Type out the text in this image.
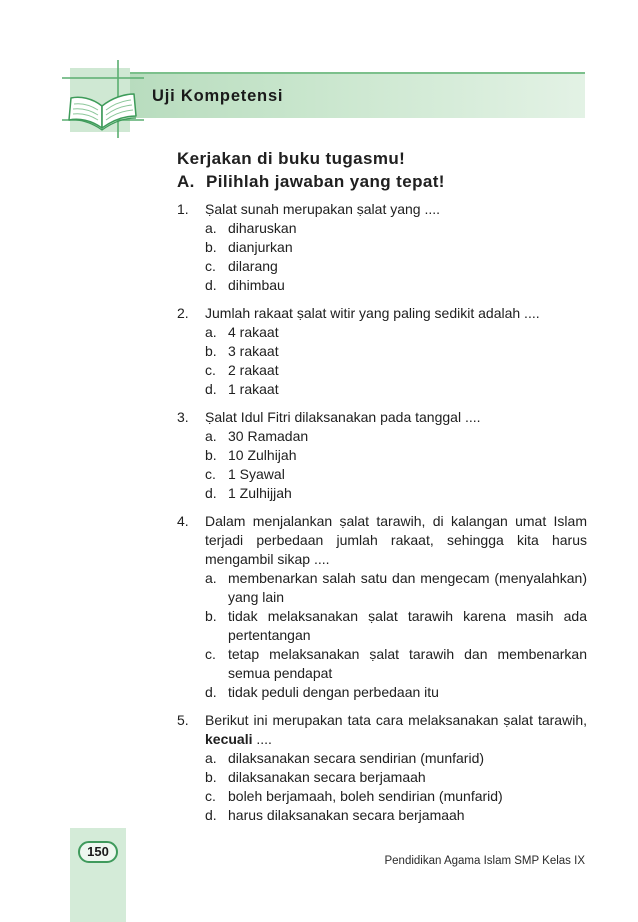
Uji Kompetensi
Kerjakan di buku tugasmu!
A. Pilihlah jawaban yang tepat!
1.	Ṣalat sunah merupakan ṣalat yang ....
a. diharuskan
b. dianjurkan
c. dilarang
d. dihimbau
2.	Jumlah rakaat ṣalat witir yang paling sedikit adalah ....
a. 4 rakaat
b. 3 rakaat
c. 2 rakaat
d. 1 rakaat
3.	Ṣalat Idul Fitri dilaksanakan pada tanggal ....
a. 30 Ramadan
b. 10 Zulhijah
c. 1 Syawal
d. 1 Zulhijjah
4.	Dalam menjalankan ṣalat tarawih, di kalangan umat Islam
terjadi perbedaan jumlah rakaat, sehingga kita harus
mengambil sikap ....
a. membenarkan salah satu dan mengecam (menyalahkan)
yang lain
b. tidak melaksanakan ṣalat tarawih karena masih ada
pertentangan
c. tetap melaksanakan ṣalat tarawih dan membenarkan
semua pendapat
d. tidak peduli dengan perbedaan itu
5.	Berikut ini merupakan tata cara melaksanakan ṣalat tarawih,
kecuali ....
a. dilaksanakan secara sendirian (munfarid)
b. dilaksanakan secara berjamaah
c. boleh berjamaah, boleh sendirian (munfarid)
d. harus dilaksanakan secara berjamaah
150
Pendidikan Agama Islam SMP Kelas IX
